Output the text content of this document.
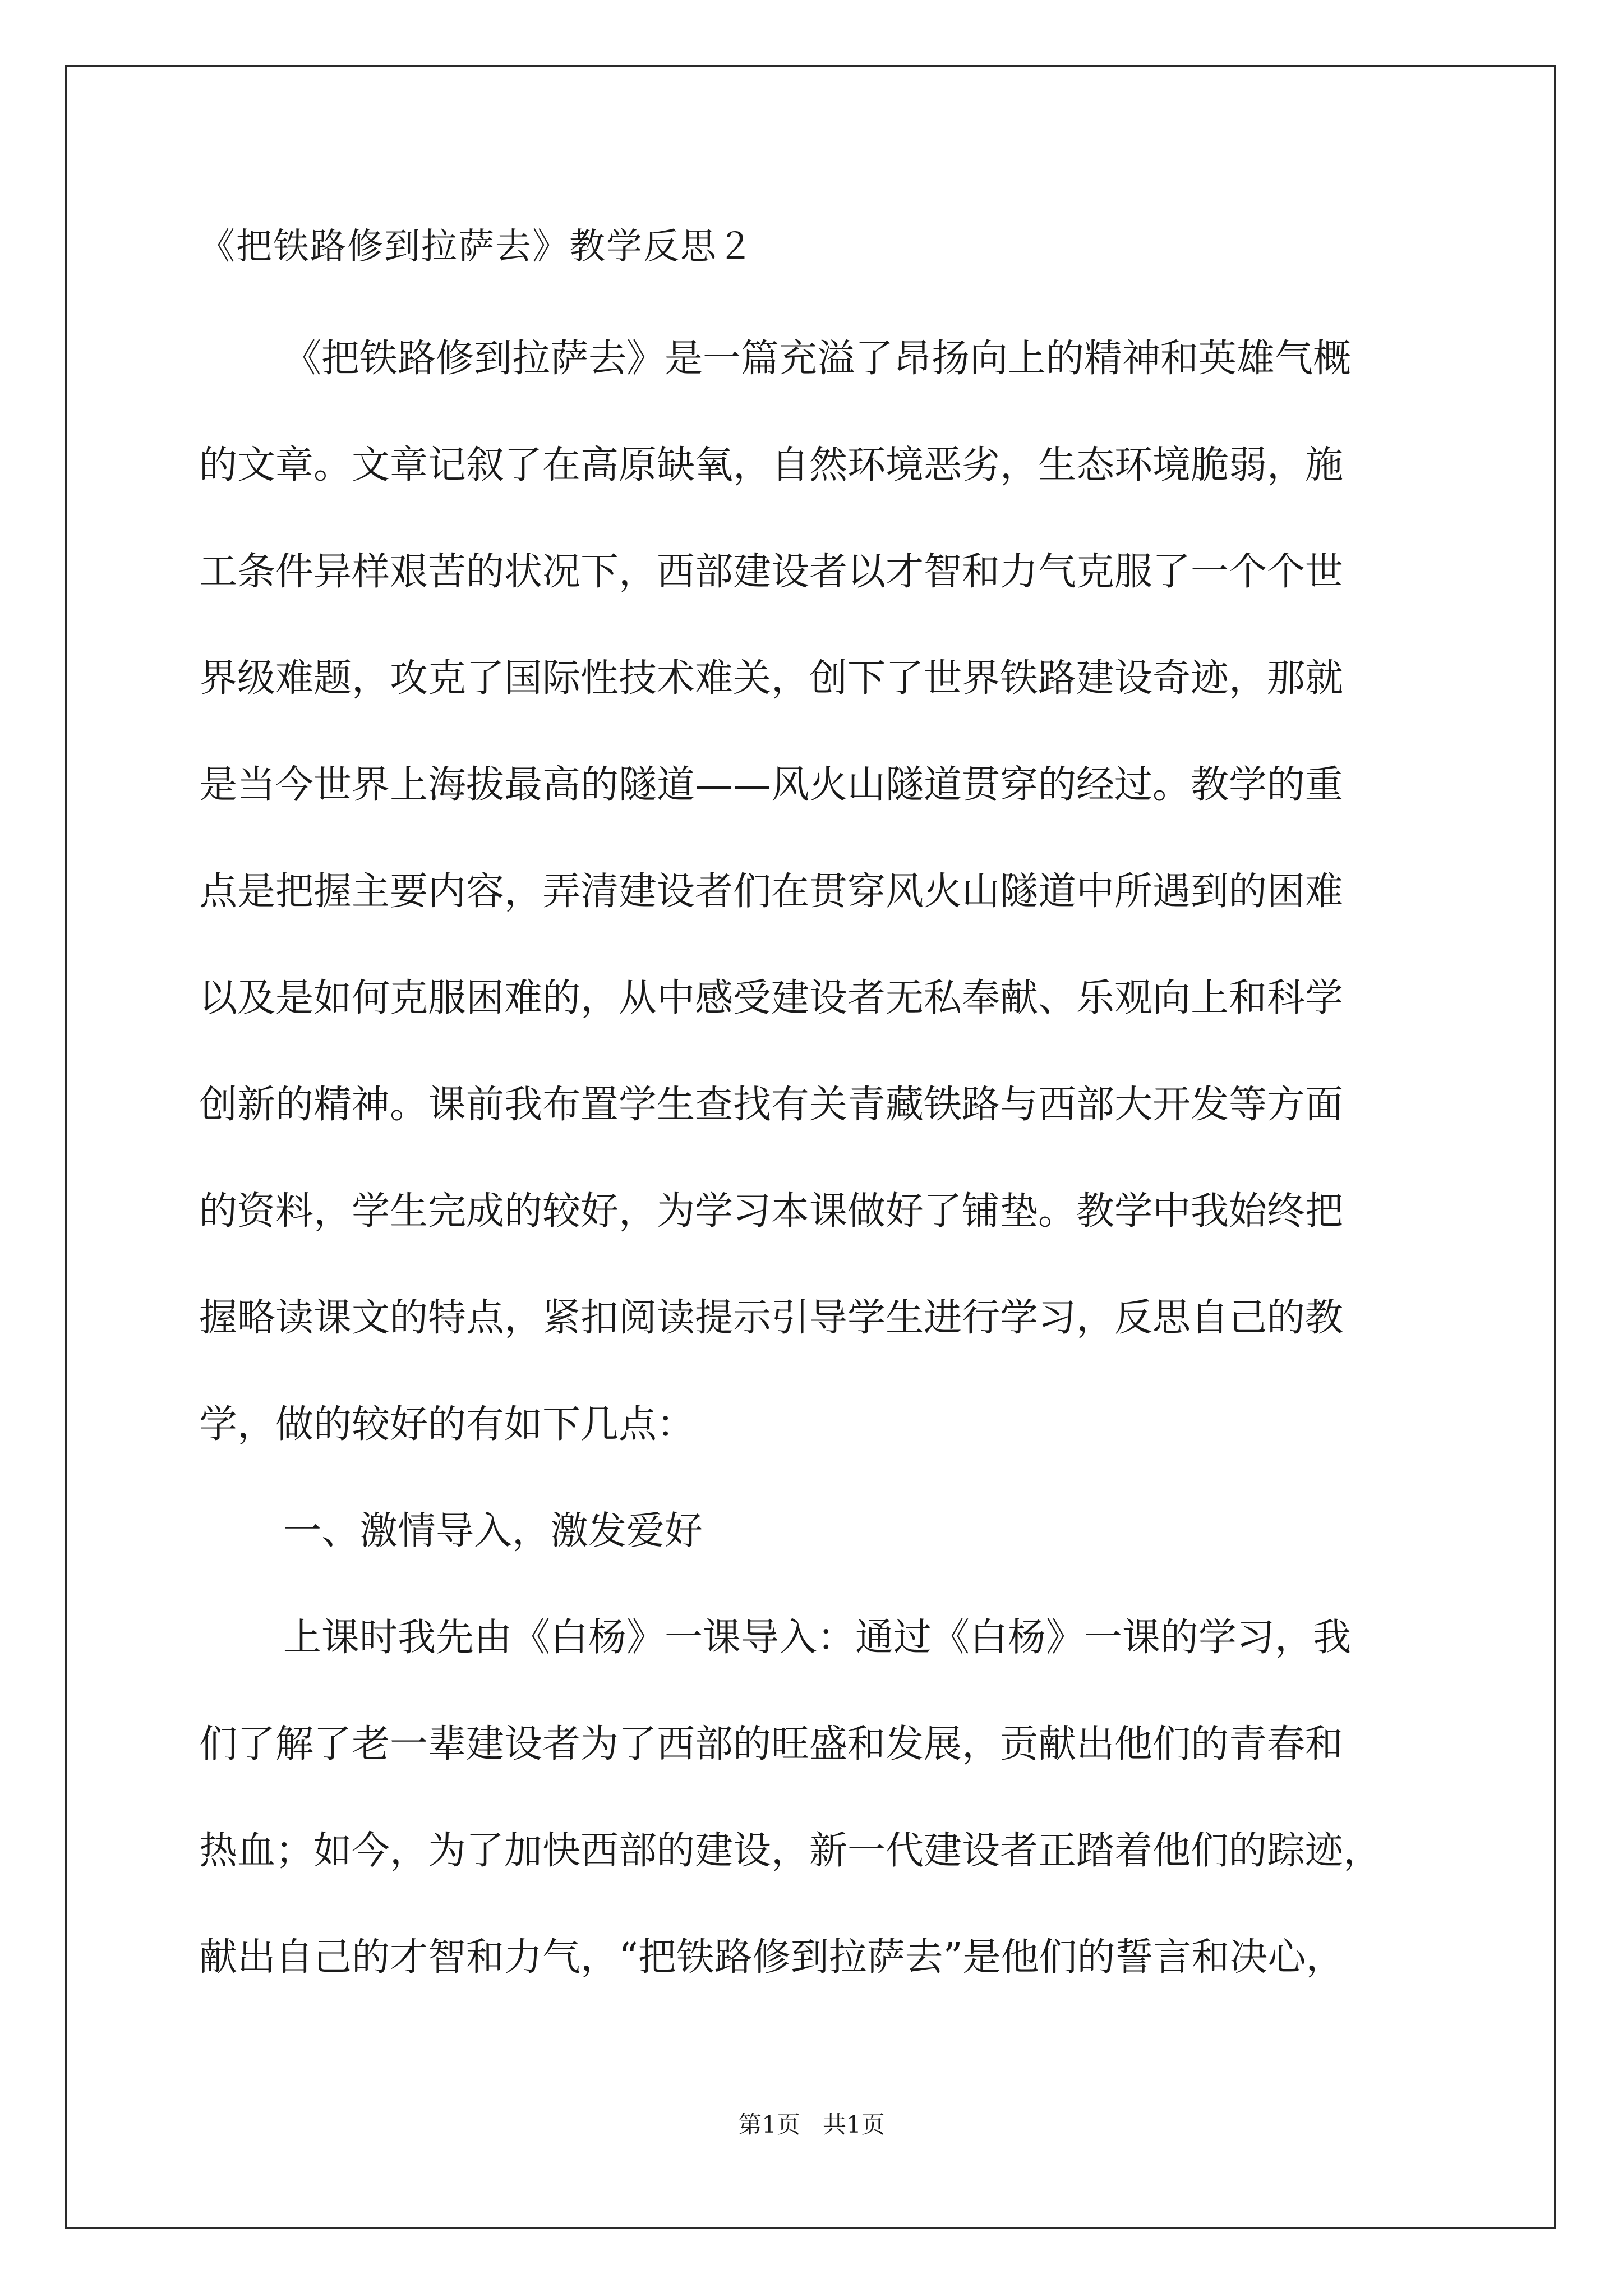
《把铁路修到拉萨去》教学反思２
《把铁路修到拉萨去》是一篇充溢了昂扬向上的精神和英雄气概
的文章。文章记叙了在高原缺氧，自然环境恶劣，生态环境脆弱，施
工条件异样艰苦的状况下，西部建设者以才智和力气克服了一个个世
界级难题，攻克了国际性技术难关，创下了世界铁路建设奇迹，那就
是当今世界上海拔最高的隧道——风火山隧道贯穿的经过。教学的重
点是把握主要内容，弄清建设者们在贯穿风火山隧道中所遇到的困难
以及是如何克服困难的，从中感受建设者无私奉献、乐观向上和科学
创新的精神。课前我布置学生查找有关青藏铁路与西部大开发等方面
的资料，学生完成的较好，为学习本课做好了铺垫。教学中我始终把
握略读课文的特点，紧扣阅读提示引导学生进行学习，反思自己的教
学，做的较好的有如下几点：
一、激情导入，激发爱好
上课时我先由《白杨》一课导入：通过《白杨》一课的学习，我
们了解了老一辈建设者为了西部的旺盛和发展，贡献出他们的青春和
热血；如今，为了加快西部的建设，新一代建设者正踏着他们的踪迹，
献出自己的才智和力气，“把铁路修到拉萨去”是他们的誓言和决心，
第1页   共1页
